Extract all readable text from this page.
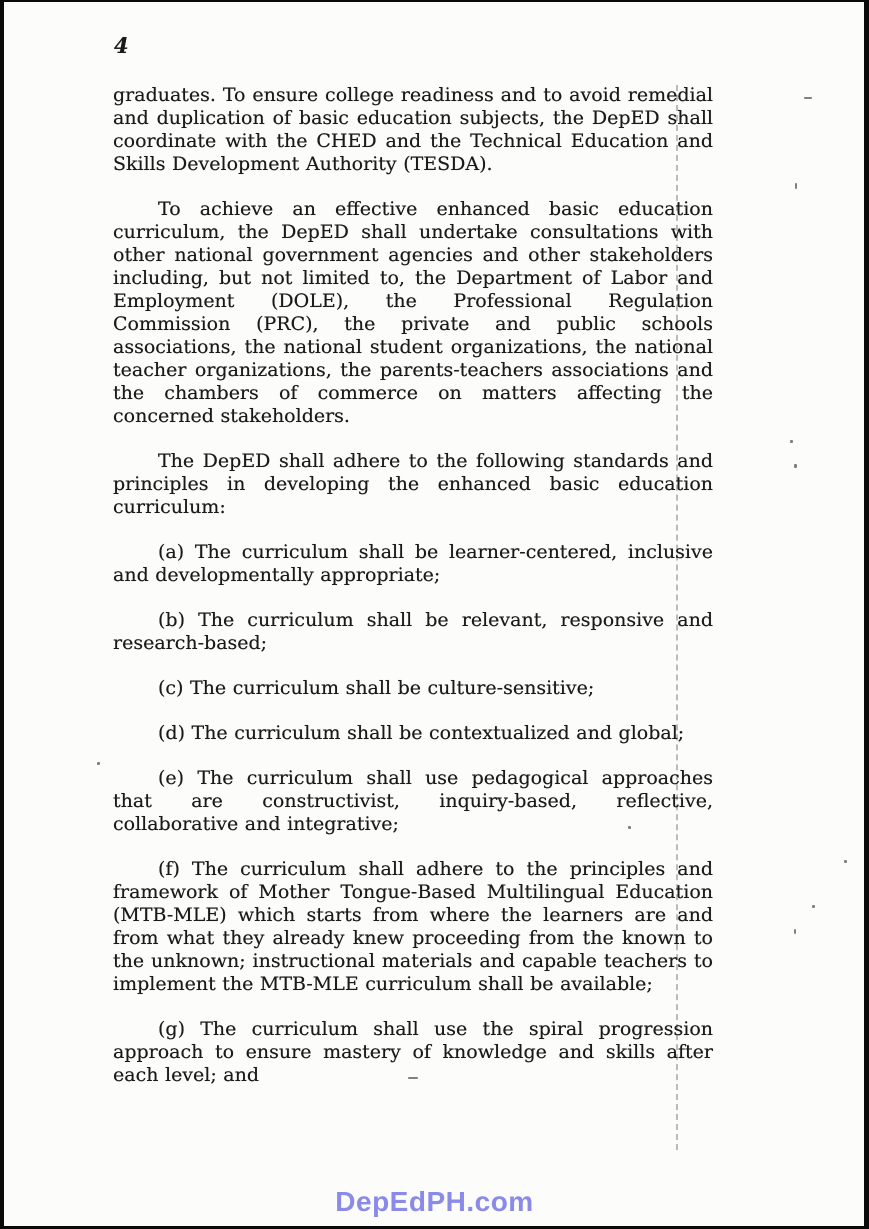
4

graduates. To ensure college readiness and to avoid remedial and duplication of basic education subjects, the DepED shall coordinate with the CHED and the Technical Education and Skills Development Authority (TESDA).

To achieve an effective enhanced basic education curriculum, the DepED shall undertake consultations with other national government agencies and other stakeholders including, but not limited to, the Department of Labor and Employment (DOLE), the Professional Regulation Commission (PRC), the private and public schools associations, the national student organizations, the national teacher organizations, the parents-teachers associations and the chambers of commerce on matters affecting the concerned stakeholders.

The DepED shall adhere to the following standards and principles in developing the enhanced basic education curriculum:

(a) The curriculum shall be learner-centered, inclusive and developmentally appropriate;

(b) The curriculum shall be relevant, responsive and research-based;

(c) The curriculum shall be culture-sensitive;

(d) The curriculum shall be contextualized and global;

(e) The curriculum shall use pedagogical approaches that are constructivist, inquiry-based, reflective, collaborative and integrative;

(f) The curriculum shall adhere to the principles and framework of Mother Tongue-Based Multilingual Education (MTB-MLE) which starts from where the learners are and from what they already knew proceeding from the known to the unknown; instructional materials and capable teachers to implement the MTB-MLE curriculum shall be available;

(g) The curriculum shall use the spiral progression approach to ensure mastery of knowledge and skills after each level; and

DepEdPH.com
